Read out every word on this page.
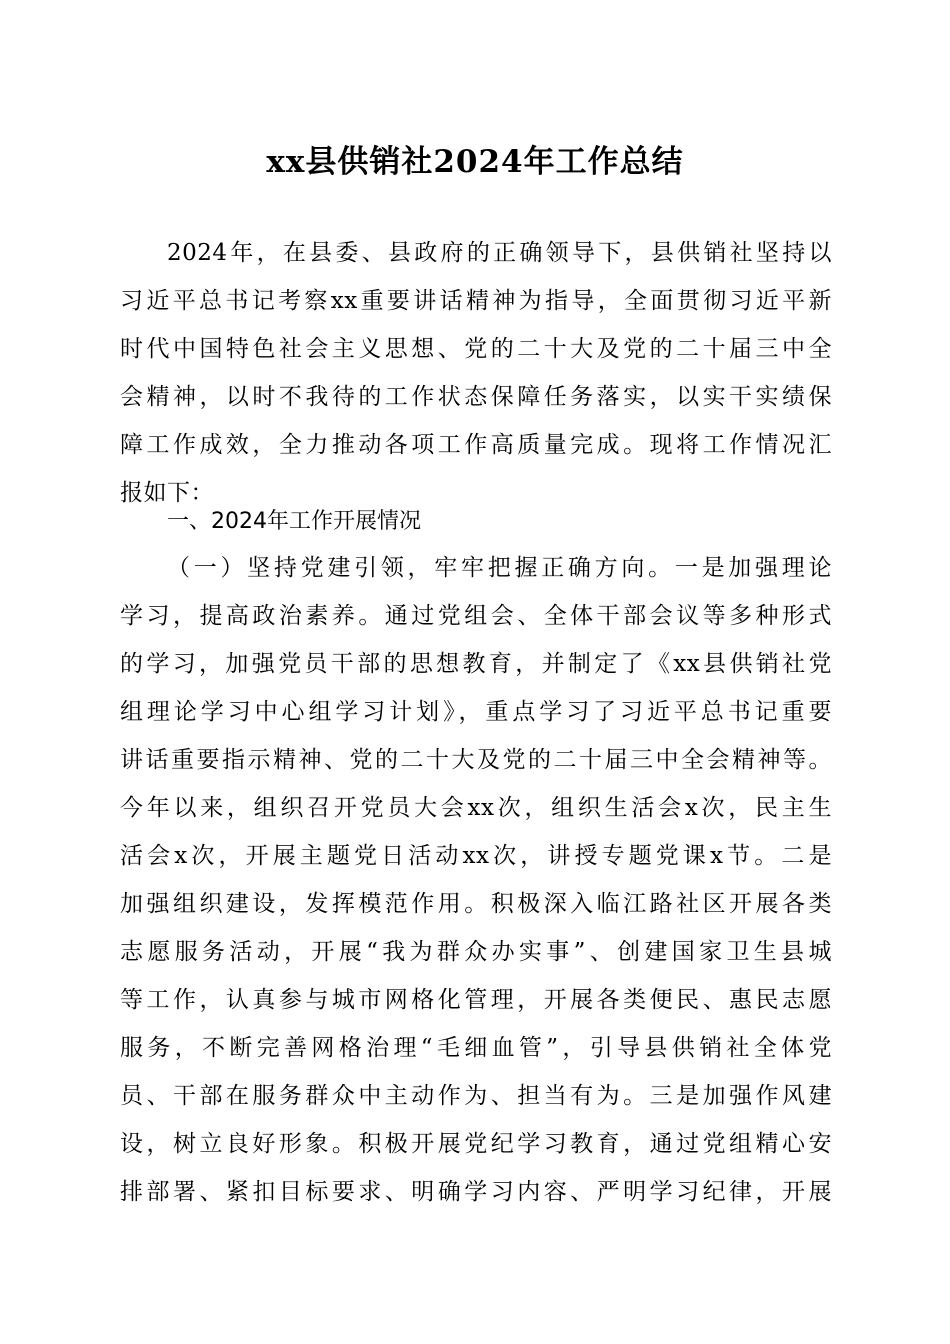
xx县供销社2024年工作总结
2024年，在县委、县政府的正确领导下，县供销社坚持以
习近平总书记考察xx重要讲话精神为指导，全面贯彻习近平新
时代中国特色社会主义思想、党的二十大及党的二十届三中全
会精神，以时不我待的工作状态保障任务落实，以实干实绩保
障工作成效，全力推动各项工作高质量完成。现将工作情况汇
报如下：
一、2024年工作开展情况
（一）坚持党建引领，牢牢把握正确方向。一是加强理论
学习，提高政治素养。通过党组会、全体干部会议等多种形式
的学习，加强党员干部的思想教育，并制定了《xx县供销社党
组理论学习中心组学习计划》，重点学习了习近平总书记重要
讲话重要指示精神、党的二十大及党的二十届三中全会精神等。
今年以来，组织召开党员大会xx次，组织生活会x次，民主生
活会x次，开展主题党日活动xx次，讲授专题党课x节。二是
加强组织建设，发挥模范作用。积极深入临江路社区开展各类
志愿服务活动，开展“我为群众办实事”、创建国家卫生县城
等工作，认真参与城市网格化管理，开展各类便民、惠民志愿
服务，不断完善网格治理“毛细血管”，引导县供销社全体党
员、干部在服务群众中主动作为、担当有为。三是加强作风建
设，树立良好形象。积极开展党纪学习教育，通过党组精心安
排部署、紧扣目标要求、明确学习内容、严明学习纪律，开展
